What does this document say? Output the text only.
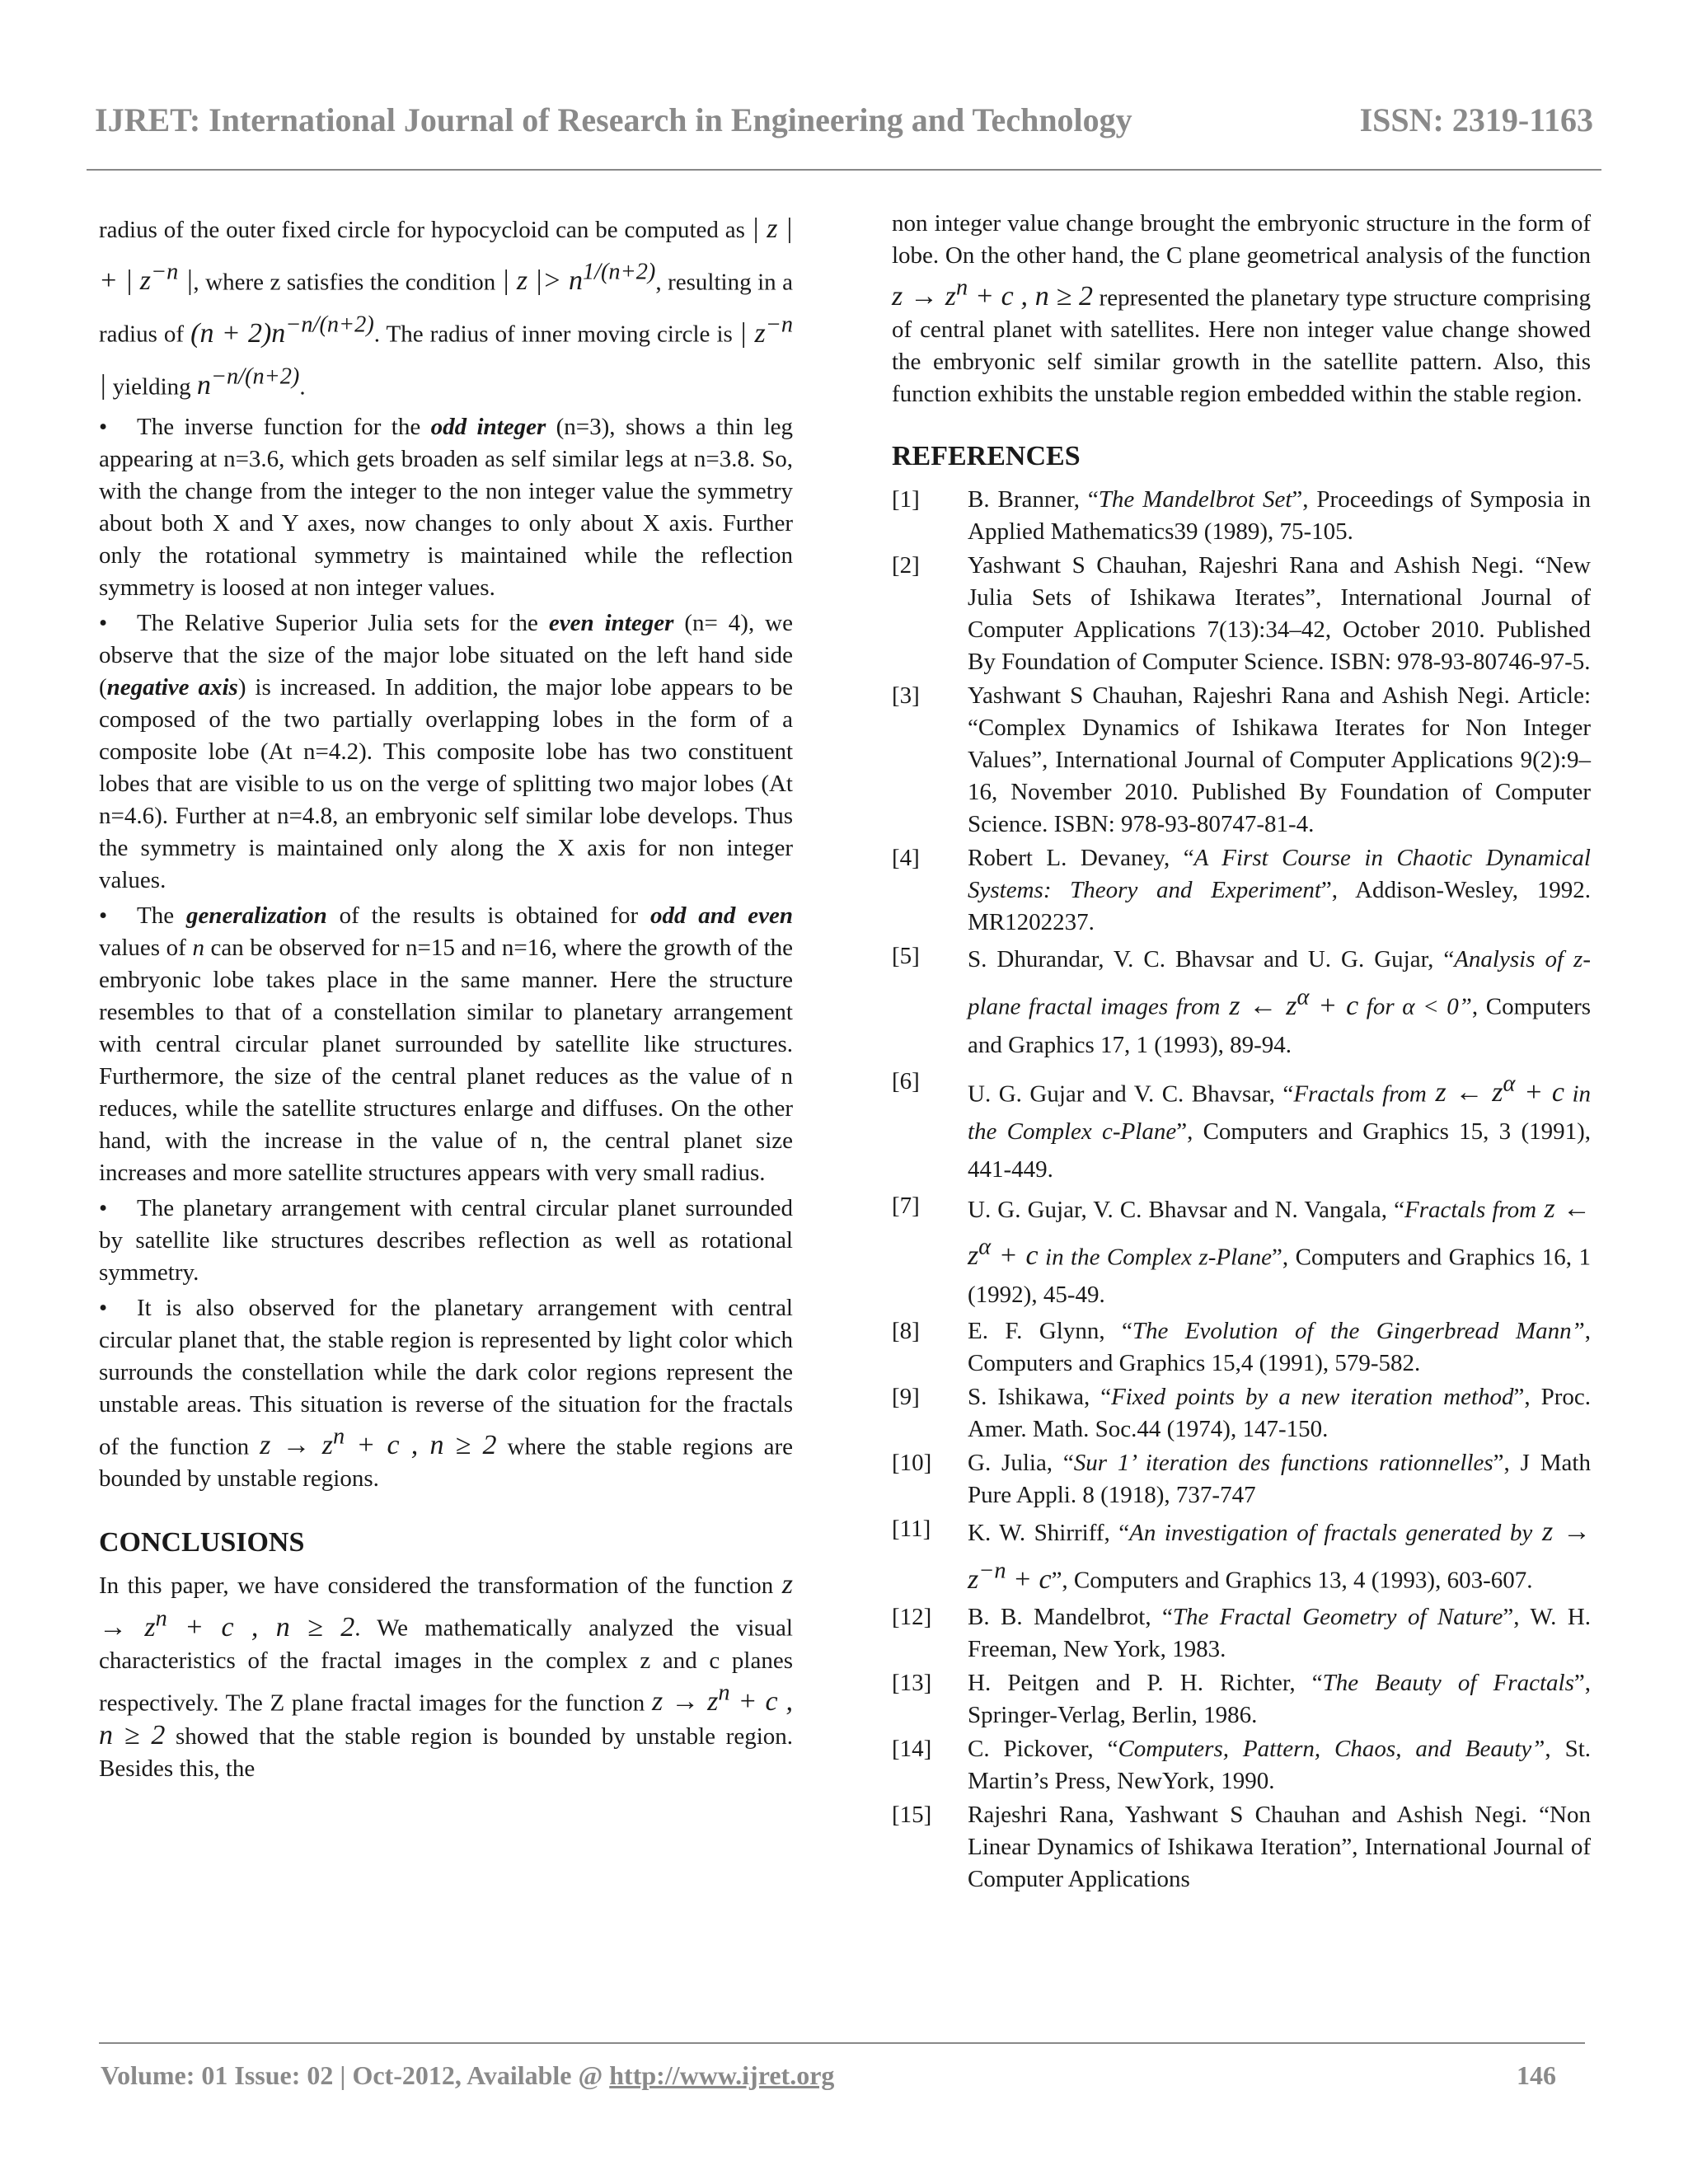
IJRET: International Journal of Research in Engineering and Technology	ISSN: 2319-1163

radius of the outer fixed circle for hypocycloid can be computed as | z | + | $z^{-n}$ |, where z satisfies the condition | z |> $n^{1/(n+2)}$, resulting in a radius of $(n + 2)n^{-n/(n+2)}$. The radius of inner moving circle is | $z^{-n}$ | yielding $n^{-n/(n+2)}$.

• The inverse function for the odd integer (n=3), shows a thin leg appearing at n=3.6, which gets broaden as self similar legs at n=3.8. So, with the change from the integer to the non integer value the symmetry about both X and Y axes, now changes to only about X axis. Further only the rotational symmetry is maintained while the reflection symmetry is loosed at non integer values.

• The Relative Superior Julia sets for the even integer (n= 4), we observe that the size of the major lobe situated on the left hand side (negative axis) is increased. In addition, the major lobe appears to be composed of the two partially overlapping lobes in the form of a composite lobe (At n=4.2). This composite lobe has two constituent lobes that are visible to us on the verge of splitting two major lobes (At n=4.6). Further at n=4.8, an embryonic self similar lobe develops. Thus the symmetry is maintained only along the X axis for non integer values.

• The generalization of the results is obtained for odd and even values of n can be observed for n=15 and n=16, where the growth of the embryonic lobe takes place in the same manner. Here the structure resembles to that of a constellation similar to planetary arrangement with central circular planet surrounded by satellite like structures. Furthermore, the size of the central planet reduces as the value of n reduces, while the satellite structures enlarge and diffuses. On the other hand, with the increase in the value of n, the central planet size increases and more satellite structures appears with very small radius.

• The planetary arrangement with central circular planet surrounded by satellite like structures describes reflection as well as rotational symmetry.

• It is also observed for the planetary arrangement with central circular planet that, the stable region is represented by light color which surrounds the constellation while the dark color regions represent the unstable areas. This situation is reverse of the situation for the fractals of the function $z \to z^n + c$ , n ≥ 2 where the stable regions are bounded by unstable regions.

CONCLUSIONS

In this paper, we have considered the transformation of the function $z \to z^n + c$ , n ≥ 2. We mathematically analyzed the visual characteristics of the fractal images in the complex z and c planes respectively. The Z plane fractal images for the function $z \to z^n + c$ , n ≥ 2 showed that the stable region is bounded by unstable region. Besides this, the

non integer value change brought the embryonic structure in the form of lobe. On the other hand, the C plane geometrical analysis of the function $z \to z^n + c$ , n ≥ 2 represented the planetary type structure comprising of central planet with satellites. Here non integer value change showed the embryonic self similar growth in the satellite pattern. Also, this function exhibits the unstable region embedded within the stable region.

REFERENCES
[1]	B. Branner, “The Mandelbrot Set”, Proceedings of Symposia in Applied Mathematics39 (1989), 75-105.
[2]	Yashwant S Chauhan, Rajeshri Rana and Ashish Negi. “New Julia Sets of Ishikawa Iterates”, International Journal of Computer Applications 7(13):34–42, October 2010. Published By Foundation of Computer Science. ISBN: 978-93-80746-97-5.
[3]	Yashwant S Chauhan, Rajeshri Rana and Ashish Negi. Article: “Complex Dynamics of Ishikawa Iterates for Non Integer Values”, International Journal of Computer Applications 9(2):9–16, November 2010. Published By Foundation of Computer Science. ISBN: 978-93-80747-81-4.
[4]	Robert L. Devaney, “A First Course in Chaotic Dynamical Systems: Theory and Experiment”, Addison-Wesley, 1992. MR1202237.
[5]	S. Dhurandar, V. C. Bhavsar and U. G. Gujar, “Analysis of z-plane fractal images from z ← $z^\alpha + c$ for α < 0”, Computers and Graphics 17, 1 (1993), 89-94.
[6]	U. G. Gujar and V. C. Bhavsar, “Fractals from z ← $z^\alpha + c$ in the Complex c-Plane”, Computers and Graphics 15, 3 (1991), 441-449.
[7]	U. G. Gujar, V. C. Bhavsar and N. Vangala, “Fractals from z ← $z^\alpha + c$ in the Complex z-Plane”, Computers and Graphics 16, 1 (1992), 45-49.
[8]	E. F. Glynn, “The Evolution of the Gingerbread Mann”, Computers and Graphics 15,4 (1991), 579-582.
[9]	S. Ishikawa, “Fixed points by a new iteration method”, Proc. Amer. Math. Soc.44 (1974), 147-150.
[10]	G. Julia, “Sur 1’ iteration des functions rationnelles”, J Math Pure Appli. 8 (1918), 737-747
[11]	K. W. Shirriff, “An investigation of fractals generated by $z \to z^{-n} + c$”, Computers and Graphics 13, 4 (1993), 603-607.
[12]	B. B. Mandelbrot, “The Fractal Geometry of Nature”, W. H. Freeman, New York, 1983.
[13]	H. Peitgen and P. H. Richter, “The Beauty of Fractals”, Springer-Verlag, Berlin, 1986.
[14]	C. Pickover, “Computers, Pattern, Chaos, and Beauty”, St. Martin’s Press, NewYork, 1990.
[15]	Rajeshri Rana, Yashwant S Chauhan and Ashish Negi. “Non Linear Dynamics of Ishikawa Iteration”, International Journal of Computer Applications
Volume: 01 Issue: 02 | Oct-2012, Available @ http://www.ijret.org	146
